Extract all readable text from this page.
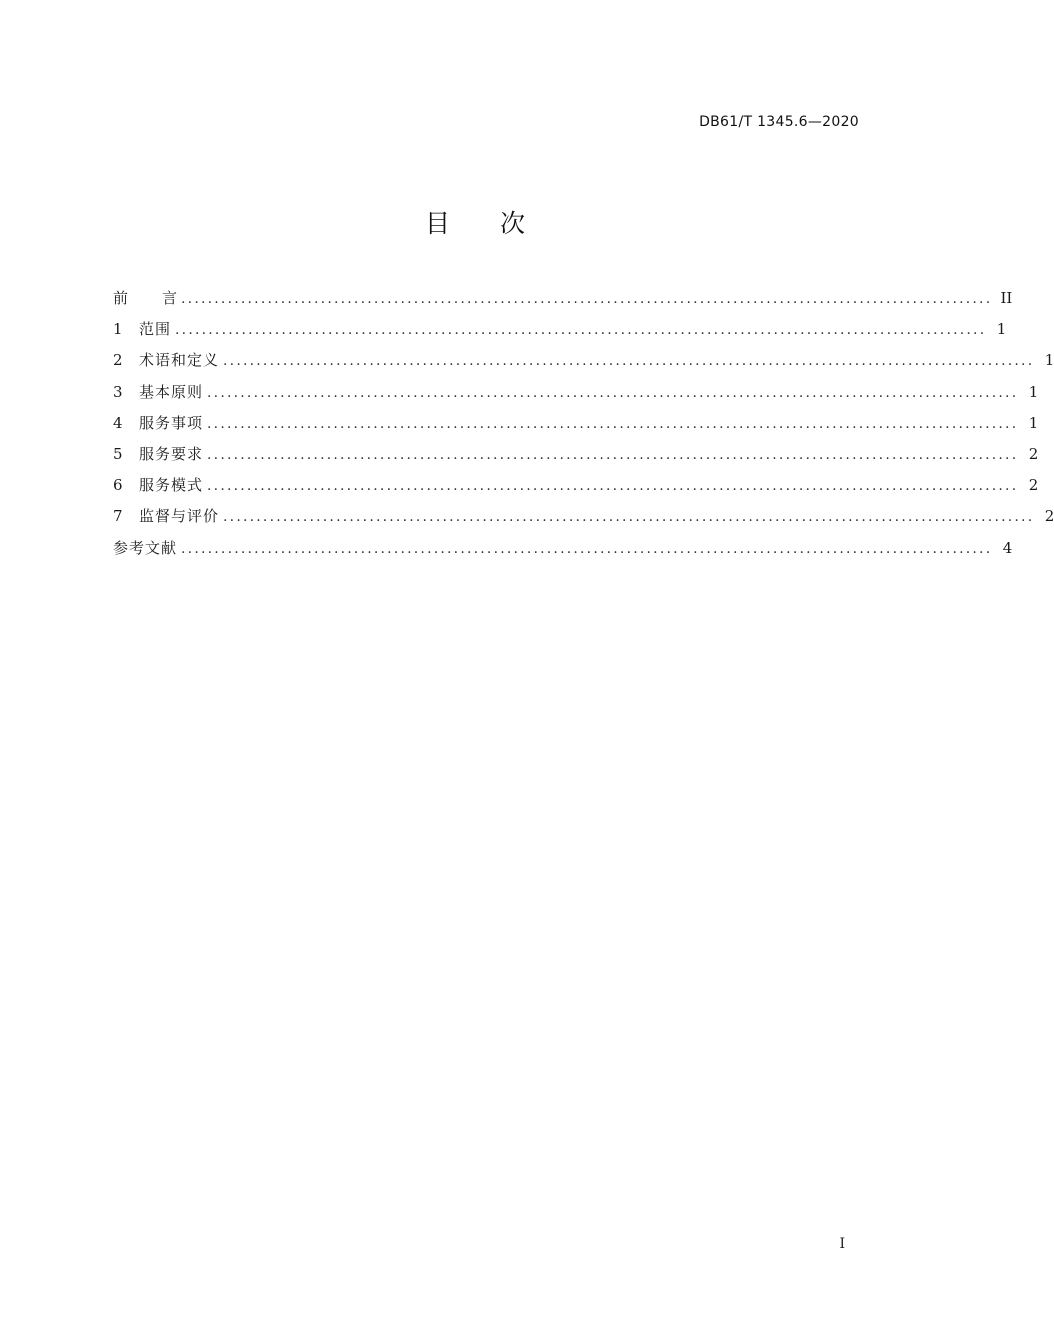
DB61/T 1345.6—2020
目 次
前 言 .......................................................................................................................... II
1	范围 .......................................................................................................................... 1
2	术语和定义 .......................................................................................................................... 1
3	基本原则 .......................................................................................................................... 1
4	服务事项 .......................................................................................................................... 1
5	服务要求 .......................................................................................................................... 2
6	服务模式 .......................................................................................................................... 2
7	监督与评价 .......................................................................................................................... 2
参考文献 .......................................................................................................................... 4
I
